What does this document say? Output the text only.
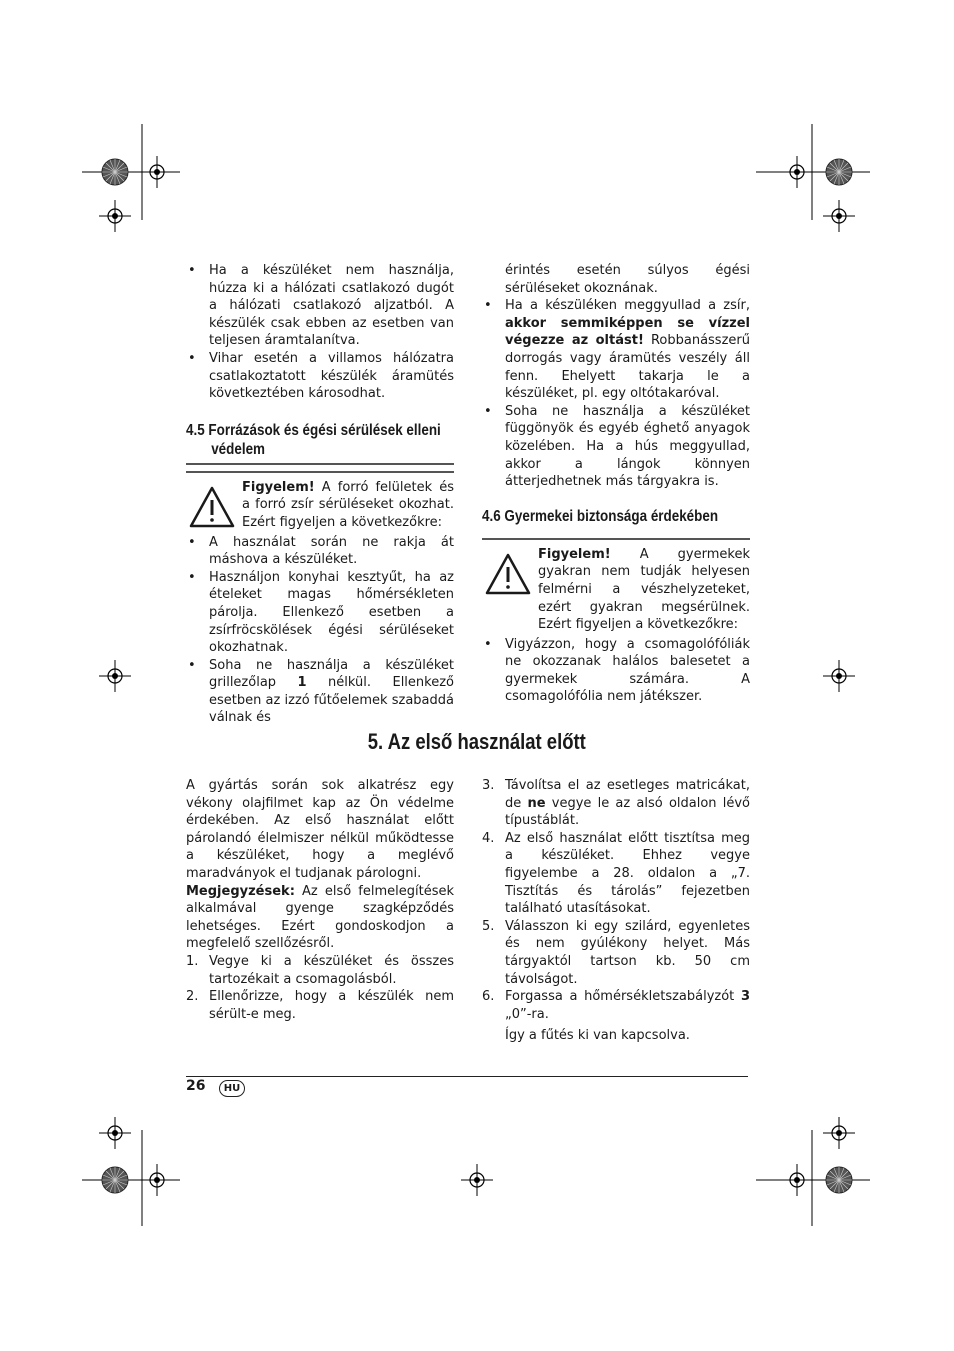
• Ha a készüléket nem használja, húzza ki a hálózati csatlakozó dugót a hálózati csatlakozó aljzatból. A készülék csak ebben az esetben van teljesen áramtalanítva.
• Vihar esetén a villamos hálózatra csatlakoztatott készülék áramütés következtében károsodhat.
4.5 Forrázások és égési sérülések elleni
védelem
Figyelem! A forró felületek és a forró zsír sérüléseket okozhat. Ezért figyeljen a következőkre:
• A használat során ne rakja át máshova a készüléket.
• Használjon konyhai kesztyűt, ha az ételeket magas hőmérsékleten párolja. Ellenkező esetben a zsírfröcskölések égési sérüléseket okozhatnak.
• Soha ne használja a készüléket grillezőlap 1 nélkül. Ellenkező esetben az izzó fűtőelemek szabaddá válnak és
érintés esetén súlyos égési sérüléseket okoznának.
• Ha a készüléken meggyullad a zsír, akkor semmiképpen se vízzel végezze az oltást! Robbanásszerű dorrogás vagy áramütés veszély áll fenn. Ehelyett takarja le a készüléket, pl. egy oltótakaróval.
• Soha ne használja a készüléket függönyök és egyéb éghető anyagok közelében. Ha a hús meggyullad, akkor a lángok könnyen átterjedhetnek más tárgyakra is.
4.6 Gyermekei biztonsága érdekében
Figyelem! A gyermekek gyakran nem tudják helyesen felmérni a vészhelyzeteket, ezért gyakran megsérülnek. Ezért figyeljen a következőkre:
• Vigyázzon, hogy a csomagolófóliák ne okozzanak halálos balesetet a gyermekek számára. A csomagolófólia nem játékszer.
5. Az első használat előtt

A gyártás során sok alkatrész egy vékony olajfilmet kap az Ön védelme érdekében. Az első használat előtt párolandó élelmiszer nélkül működtesse a készüléket, hogy a meglévő maradványok el tudjanak párologni.

Megjegyzések: Az első felmelegítések alkalmával gyenge szagképződés lehetséges. Ezért gondoskodjon a megfelelő szellőzésről.

1. Vegye ki a készüléket és összes tartozékait a csomagolásból.
2. Ellenőrizze, hogy a készülék nem sérült-e meg.
3. Távolítsa el az esetleges matricákat, de ne vegye le az alsó oldalon lévő típustáblát.
4. Az első használat előtt tisztítsa meg a készüléket. Ehhez vegye figyelembe a 28. oldalon a „7. Tisztítás és tárolás” fejezetben található utasításokat.
5. Válasszon ki egy szilárd, egyenletes és nem gyúlékony helyet. Más tárgyaktól tartson kb. 50 cm távolságot.
6. Forgassa a hőmérsékletszabályzót 3 „0”-ra.
Így a fűtés ki van kapcsolva.
26	HU
